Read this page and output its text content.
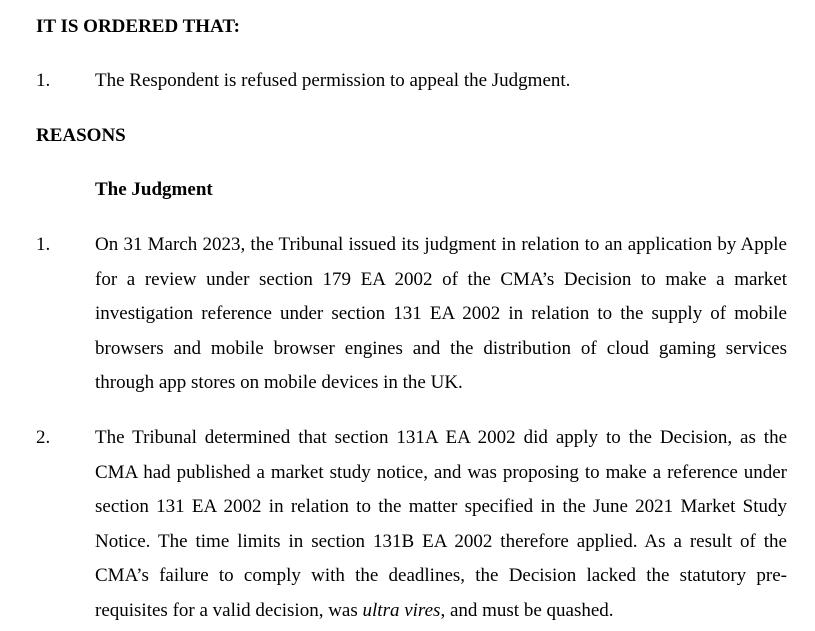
IT IS ORDERED THAT:
1. The Respondent is refused permission to appeal the Judgment.
REASONS
The Judgment
1. On 31 March 2023, the Tribunal issued its judgment in relation to an application by Apple for a review under section 179 EA 2002 of the CMA’s Decision to make a market investigation reference under section 131 EA 2002 in relation to the supply of mobile browsers and mobile browser engines and the distribution of cloud gaming services through app stores on mobile devices in the UK.
2. The Tribunal determined that section 131A EA 2002 did apply to the Decision, as the CMA had published a market study notice, and was proposing to make a reference under section 131 EA 2002 in relation to the matter specified in the June 2021 Market Study Notice. The time limits in section 131B EA 2002 therefore applied. As a result of the CMA’s failure to comply with the deadlines, the Decision lacked the statutory pre-requisites for a valid decision, was ultra vires, and must be quashed.
